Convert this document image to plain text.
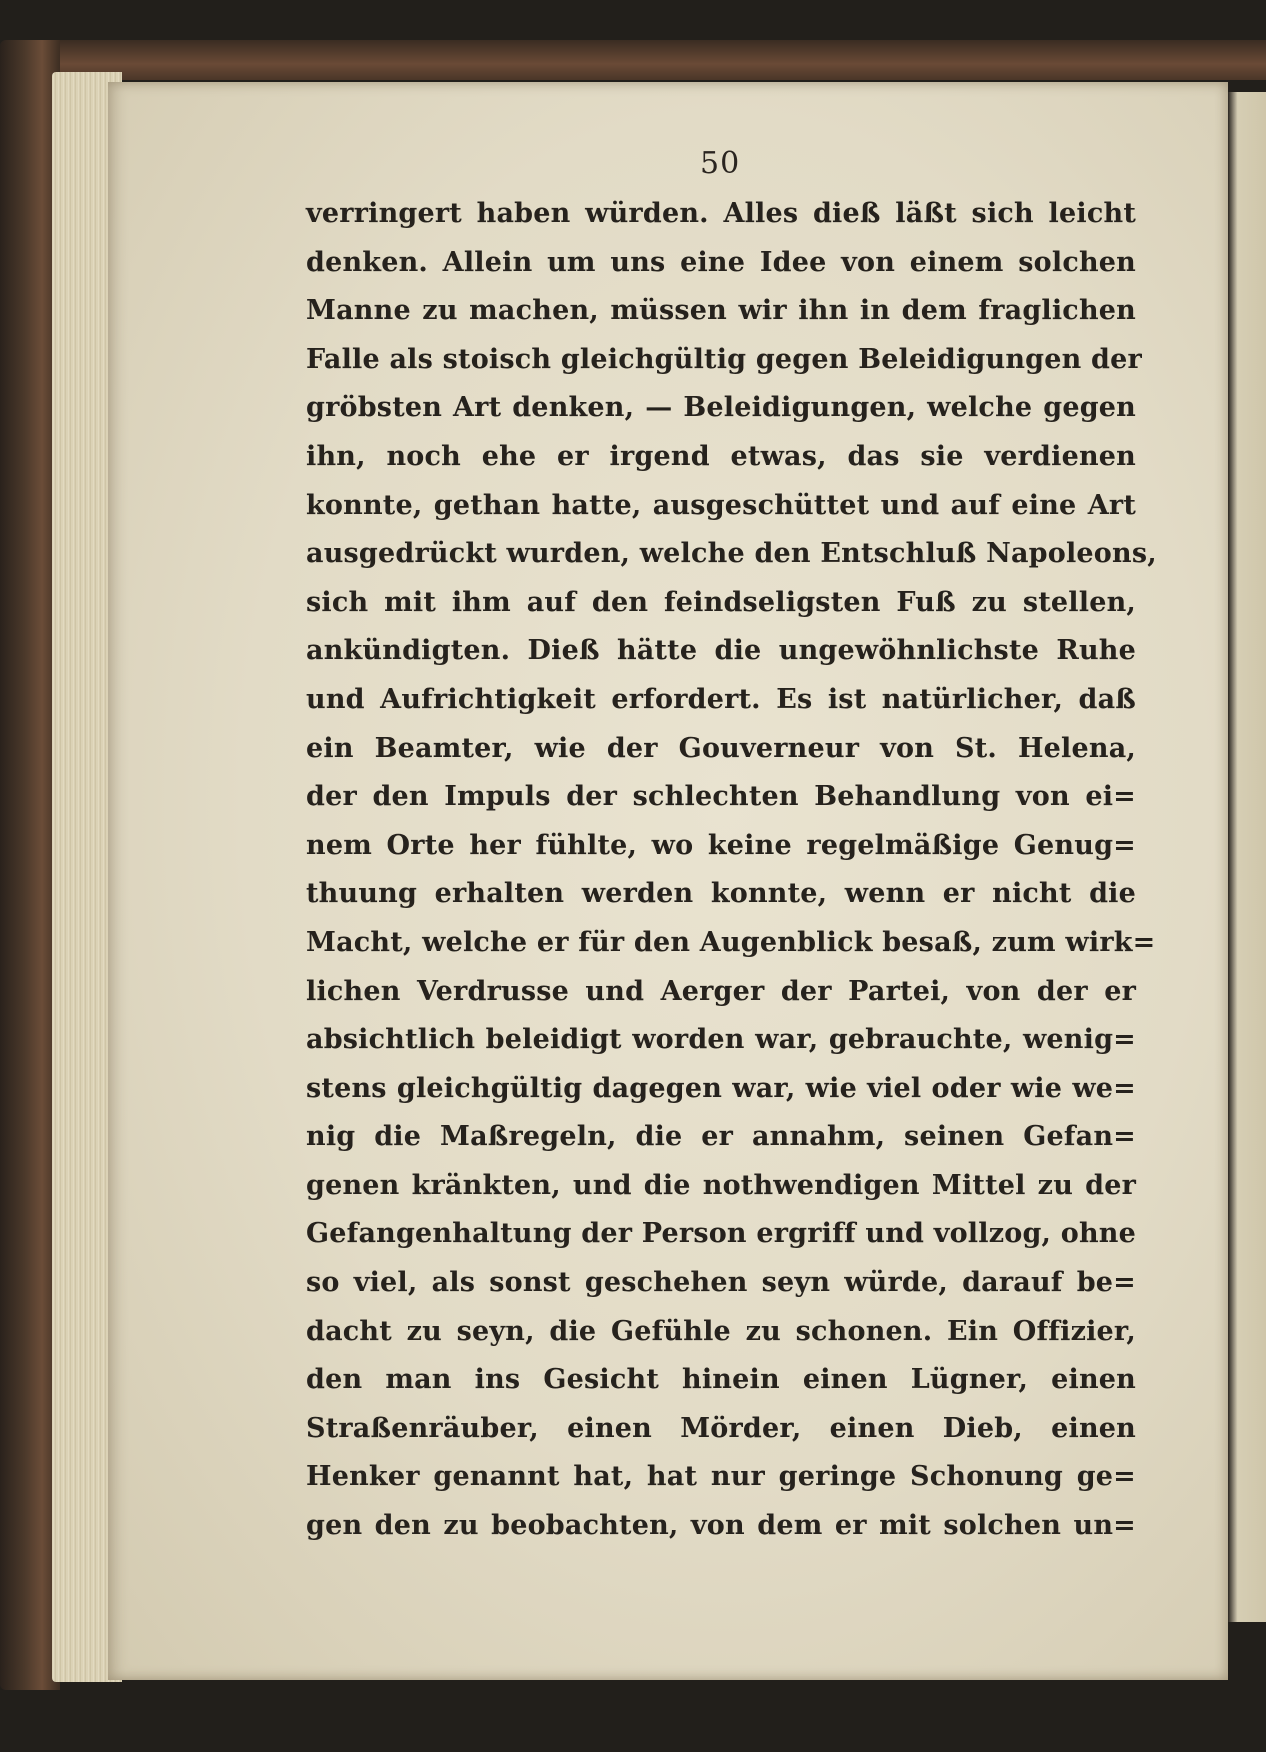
50
verringert haben würden. Alles dieß läßt sich leicht
denken. Allein um uns eine Idee von einem solchen
Manne zu machen, müssen wir ihn in dem fraglichen
Falle als stoisch gleichgültig gegen Beleidigungen der
gröbsten Art denken, — Beleidigungen, welche gegen
ihn, noch ehe er irgend etwas, das sie verdienen
konnte, gethan hatte, ausgeschüttet und auf eine Art
ausgedrückt wurden, welche den Entschluß Napoleons,
sich mit ihm auf den feindseligsten Fuß zu stellen,
ankündigten. Dieß hätte die ungewöhnlichste Ruhe
und Aufrichtigkeit erfordert. Es ist natürlicher, daß
ein Beamter, wie der Gouverneur von St. Helena,
der den Impuls der schlechten Behandlung von ei=
nem Orte her fühlte, wo keine regelmäßige Genug=
thuung erhalten werden konnte, wenn er nicht die
Macht, welche er für den Augenblick besaß, zum wirk=
lichen Verdrusse und Aerger der Partei, von der er
absichtlich beleidigt worden war, gebrauchte, wenig=
stens gleichgültig dagegen war, wie viel oder wie we=
nig die Maßregeln, die er annahm, seinen Gefan=
genen kränkten, und die nothwendigen Mittel zu der
Gefangenhaltung der Person ergriff und vollzog, ohne
so viel, als sonst geschehen seyn würde, darauf be=
dacht zu seyn, die Gefühle zu schonen. Ein Offizier,
den man ins Gesicht hinein einen Lügner, einen
Straßenräuber, einen Mörder, einen Dieb, einen
Henker genannt hat, hat nur geringe Schonung ge=
gen den zu beobachten, von dem er mit solchen un=
